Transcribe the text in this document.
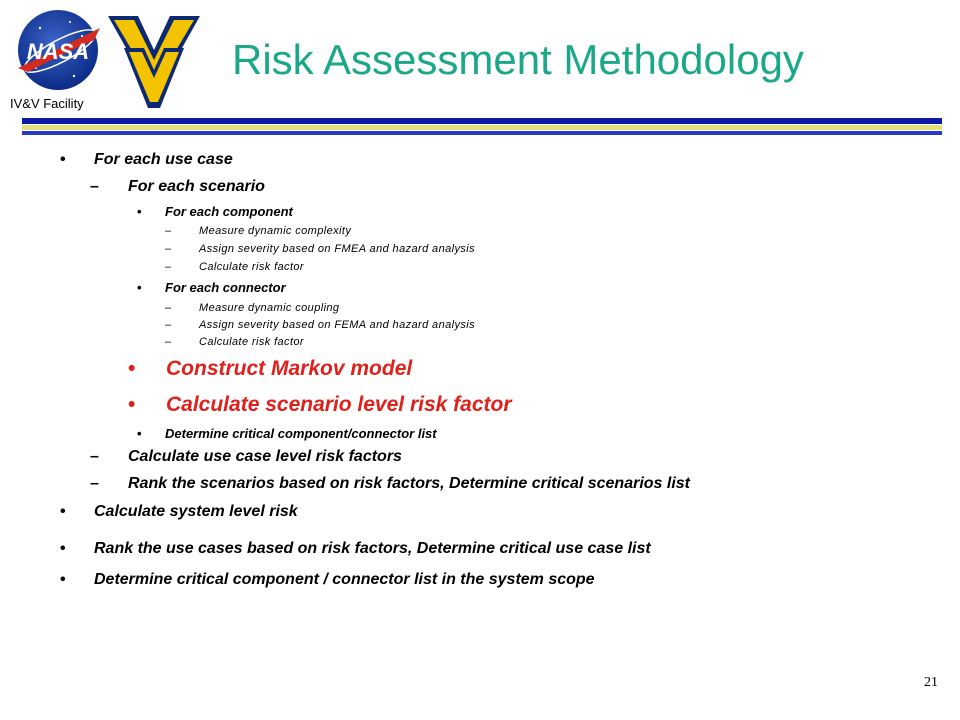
NASA
IV&V Facility
Risk Assessment Methodology
• For each use case
– For each scenario
• For each component
– Measure dynamic complexity
– Assign severity based on FMEA and hazard analysis
– Calculate risk factor
• For each connector
– Measure dynamic coupling
– Assign severity based on FEMA and hazard analysis
– Calculate risk factor
• Construct Markov model
• Calculate scenario level risk factor
• Determine critical component/connector list
– Calculate use case level risk factors
– Rank the scenarios based on risk factors, Determine critical scenarios list
• Calculate system level risk
• Rank the use cases based on risk factors, Determine critical use case list
• Determine critical component / connector list in the system scope
21
